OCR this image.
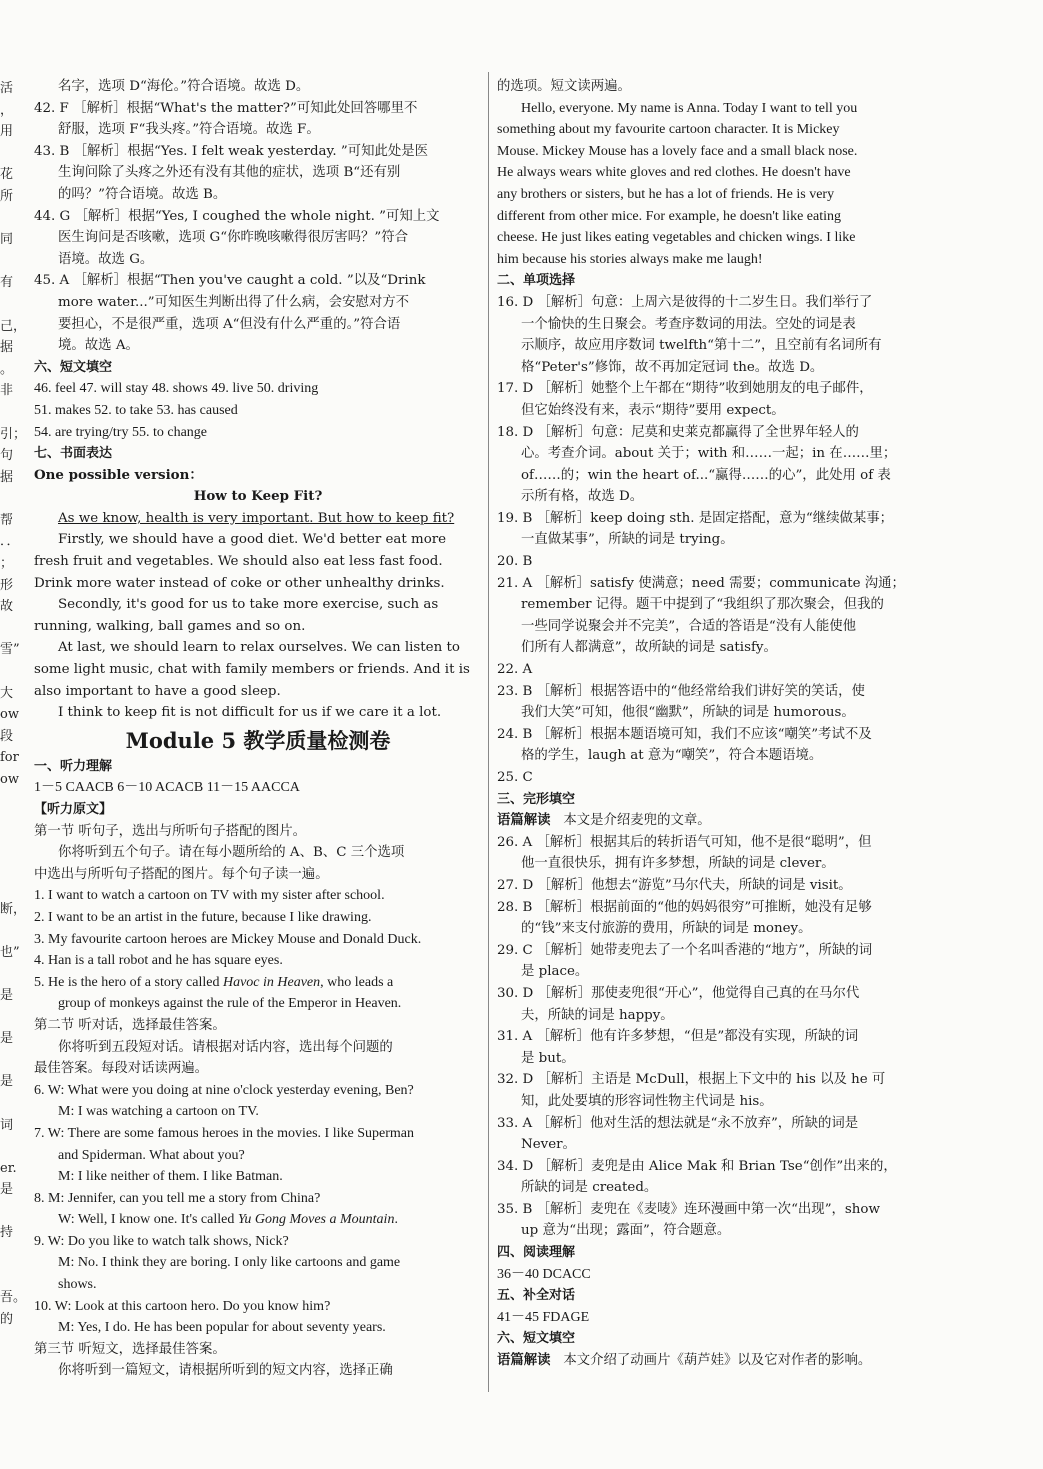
活
，
用
花
所
同
有
己，
据
。
非
引；
句
据
帮
．．
；
形
故
雪”
大
ow
段
for
ow
断，
也”
是
是
是
词
er.
是
持
吾。
的
名字，选项 D“海伦。”符合语境。故选 D。
42. F ［解析］根据“What's the matter?”可知此处回答哪里不
舒服，选项 F“我头疼。”符合语境。故选 F。
43. B ［解析］根据“Yes. I felt weak yesterday. ”可知此处是医
生询问除了头疼之外还有没有其他的症状，选项 B“还有别
的吗？”符合语境。故选 B。
44. G ［解析］根据“Yes, I coughed the whole night. ”可知上文
医生询问是否咳嗽，选项 G“你昨晚咳嗽得很厉害吗？”符合
语境。故选 G。
45. A ［解析］根据“Then you've caught a cold. ”以及“Drink
more water...”可知医生判断出得了什么病，会安慰对方不
要担心，不是很严重，选项 A“但没有什么严重的。”符合语
境。故选 A。
六、短文填空
46. feel 47. will stay 48. shows 49. live 50. driving
51. makes 52. to take 53. has caused
54. are trying/try 55. to change
七、书面表达
One possible version：
How to Keep Fit?
As we know, health is very important. But how to keep fit?
Firstly, we should have a good diet. We'd better eat more
fresh fruit and vegetables. We should also eat less fast food.
Drink more water instead of coke or other unhealthy drinks.
Secondly, it's good for us to take more exercise, such as
running, walking, ball games and so on.
At last, we should learn to relax ourselves. We can listen to
some light music, chat with family members or friends. And it is
also important to have a good sleep.
I think to keep fit is not difficult for us if we care it a lot.
Module 5 教学质量检测卷
一、听力理解
1－5 CAACB 6－10 ACACB 11－15 AACCA
【听力原文】
第一节 听句子，选出与所听句子搭配的图片。
你将听到五个句子。请在每小题所给的 A、B、C 三个选项
中选出与所听句子搭配的图片。每个句子读一遍。
1. I want to watch a cartoon on TV with my sister after school.
2. I want to be an artist in the future, because I like drawing.
3. My favourite cartoon heroes are Mickey Mouse and Donald Duck.
4. Han is a tall robot and he has square eyes.
5. He is the hero of a story called Havoc in Heaven, who leads a
group of monkeys against the rule of the Emperor in Heaven.
第二节 听对话，选择最佳答案。
你将听到五段短对话。请根据对话内容，选出每个问题的
最佳答案。每段对话读两遍。
6. W: What were you doing at nine o'clock yesterday evening, Ben?
M: I was watching a cartoon on TV.
7. W: There are some famous heroes in the movies. I like Superman
and Spiderman. What about you?
M: I like neither of them. I like Batman.
8. M: Jennifer, can you tell me a story from China?
W: Well, I know one. It's called Yu Gong Moves a Mountain.
9. W: Do you like to watch talk shows, Nick?
M: No. I think they are boring. I only like cartoons and game
shows.
10. W: Look at this cartoon hero. Do you know him?
M: Yes, I do. He has been popular for about seventy years.
第三节 听短文，选择最佳答案。
你将听到一篇短文，请根据所听到的短文内容，选择正确
的选项。短文读两遍。
Hello, everyone. My name is Anna. Today I want to tell you
something about my favourite cartoon character. It is Mickey
Mouse. Mickey Mouse has a lovely face and a small black nose.
He always wears white gloves and red clothes. He doesn't have
any brothers or sisters, but he has a lot of friends. He is very
different from other mice. For example, he doesn't like eating
cheese. He just likes eating vegetables and chicken wings. I like
him because his stories always make me laugh!
二、单项选择
16. D ［解析］句意：上周六是彼得的十二岁生日。我们举行了
一个愉快的生日聚会。考查序数词的用法。空处的词是表
示顺序，故应用序数词 twelfth“第十二”，且空前有名词所有
格“Peter's”修饰，故不再加定冠词 the。故选 D。
17. D ［解析］她整个上午都在“期待”收到她朋友的电子邮件，
但它始终没有来，表示“期待”要用 expect。
18. D ［解析］句意：尼莫和史莱克都赢得了全世界年轻人的
心。考查介词。about 关于；with 和……一起；in 在……里；
of……的；win the heart of...“赢得……的心”，此处用 of 表
示所有格，故选 D。
19. B ［解析］keep doing sth. 是固定搭配，意为“继续做某事；
一直做某事”，所缺的词是 trying。
20. B
21. A ［解析］satisfy 使满意；need 需要；communicate 沟通；
remember 记得。题干中提到了“我组织了那次聚会，但我的
一些同学说聚会并不完美”，合适的答语是“没有人能使他
们所有人都满意”，故所缺的词是 satisfy。
22. A
23. B ［解析］根据答语中的“他经常给我们讲好笑的笑话，使
我们大笑”可知，他很“幽默”，所缺的词是 humorous。
24. B ［解析］根据本题语境可知，我们不应该“嘲笑”考试不及
格的学生，laugh at 意为“嘲笑”，符合本题语境。
25. C
三、完形填空
语篇解读 本文是介绍麦兜的文章。
26. A ［解析］根据其后的转折语气可知，他不是很“聪明”，但
他一直很快乐，拥有许多梦想，所缺的词是 clever。
27. D ［解析］他想去“游览”马尔代夫，所缺的词是 visit。
28. B ［解析］根据前面的“他的妈妈很穷”可推断，她没有足够
的“钱”来支付旅游的费用，所缺的词是 money。
29. C ［解析］她带麦兜去了一个名叫香港的“地方”，所缺的词
是 place。
30. D ［解析］那使麦兜很“开心”，他觉得自己真的在马尔代
夫，所缺的词是 happy。
31. A ［解析］他有许多梦想，“但是”都没有实现，所缺的词
是 but。
32. D ［解析］主语是 McDull，根据上下文中的 his 以及 he 可
知，此处要填的形容词性物主代词是 his。
33. A ［解析］他对生活的想法就是“永不放弃”，所缺的词是
Never。
34. D ［解析］麦兜是由 Alice Mak 和 Brian Tse“创作”出来的，
所缺的词是 created。
35. B ［解析］麦兜在《麦唛》连环漫画中第一次“出现”，show
up 意为“出现；露面”，符合题意。
四、阅读理解
36－40 DCACC
五、补全对话
41－45 FDAGE
六、短文填空
语篇解读 本文介绍了动画片《葫芦娃》以及它对作者的影响。
